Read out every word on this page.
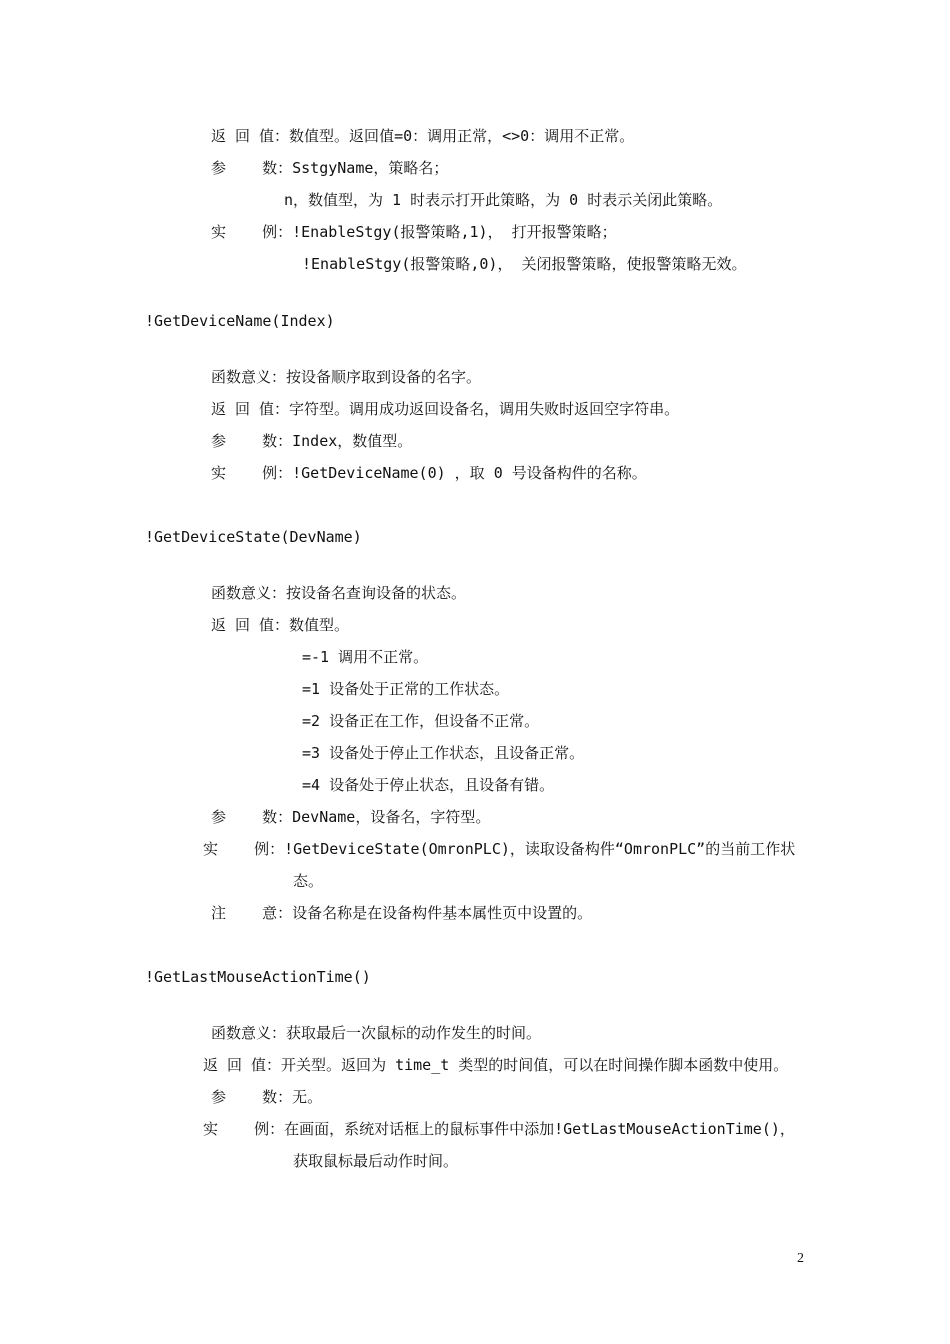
返 回 值：数值型。返回值=0：调用正常，<>0：调用不正常。
参    数：SstgyName，策略名；
n，数值型，为 1 时表示打开此策略，为 0 时表示关闭此策略。
实    例：!EnableStgy(报警策略,1)， 打开报警策略；
!EnableStgy(报警策略,0)， 关闭报警策略，使报警策略无效。
!GetDeviceName(Index)
函数意义：按设备顺序取到设备的名字。
返 回 值：字符型。调用成功返回设备名，调用失败时返回空字符串。
参    数：Index，数值型。
实    例：!GetDeviceName(0) ，取 0 号设备构件的名称。
!GetDeviceState(DevName)
函数意义：按设备名查询设备的状态。
返 回 值：数值型。
=-1 调用不正常。
=1 设备处于正常的工作状态。
=2 设备正在工作，但设备不正常。
=3 设备处于停止工作状态，且设备正常。
=4 设备处于停止状态，且设备有错。
参    数：DevName，设备名，字符型。
实    例：!GetDeviceState(OmronPLC)，读取设备构件“OmronPLC”的当前工作状
态。
注    意：设备名称是在设备构件基本属性页中设置的。
!GetLastMouseActionTime()
函数意义：获取最后一次鼠标的动作发生的时间。
返 回 值：开关型。返回为 time_t 类型的时间值，可以在时间操作脚本函数中使用。
参    数：无。
实    例：在画面，系统对话框上的鼠标事件中添加!GetLastMouseActionTime()，
获取鼠标最后动作时间。
2
